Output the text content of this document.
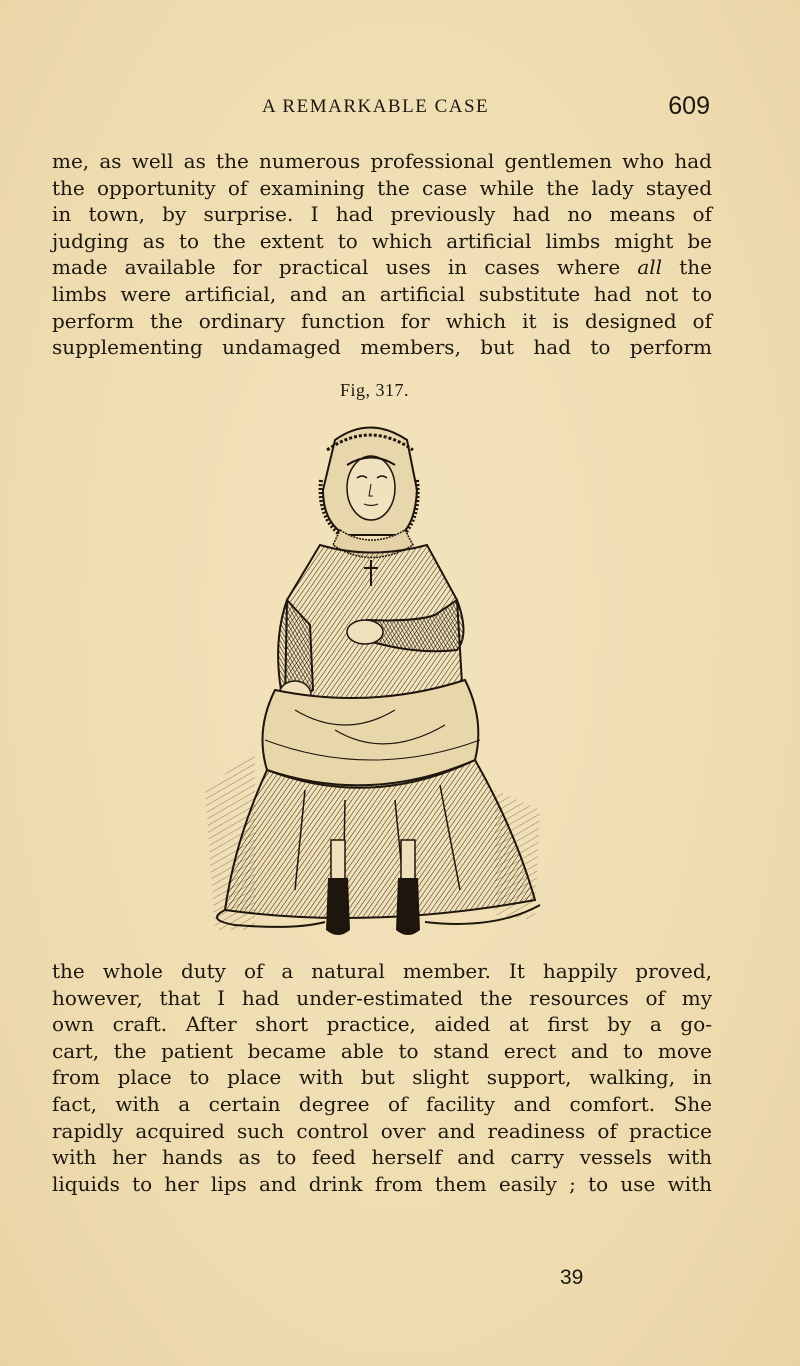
A REMARKABLE CASE	609
me, as well as the numerous professional gentlemen who had
the opportunity of examining the case while the lady stayed
in town, by surprise. I had previously had no means of
judging as to the extent to which artificial limbs might be
made available for practical uses in cases where all the
limbs were artificial, and an artificial substitute had not to
perform the ordinary function for which it is designed of
supplementing undamaged members, but had to perform
Fig, 317.
the whole duty of a natural member. It happily proved,
however, that I had under-estimated the resources of my
own craft. After short practice, aided at first by a go-
cart, the patient became able to stand erect and to move
from place to place with but slight support, walking, in
fact, with a certain degree of facility and comfort. She
rapidly acquired such control over and readiness of practice
with her hands as to feed herself and carry vessels with
liquids to her lips and drink from them easily ; to use with
39
